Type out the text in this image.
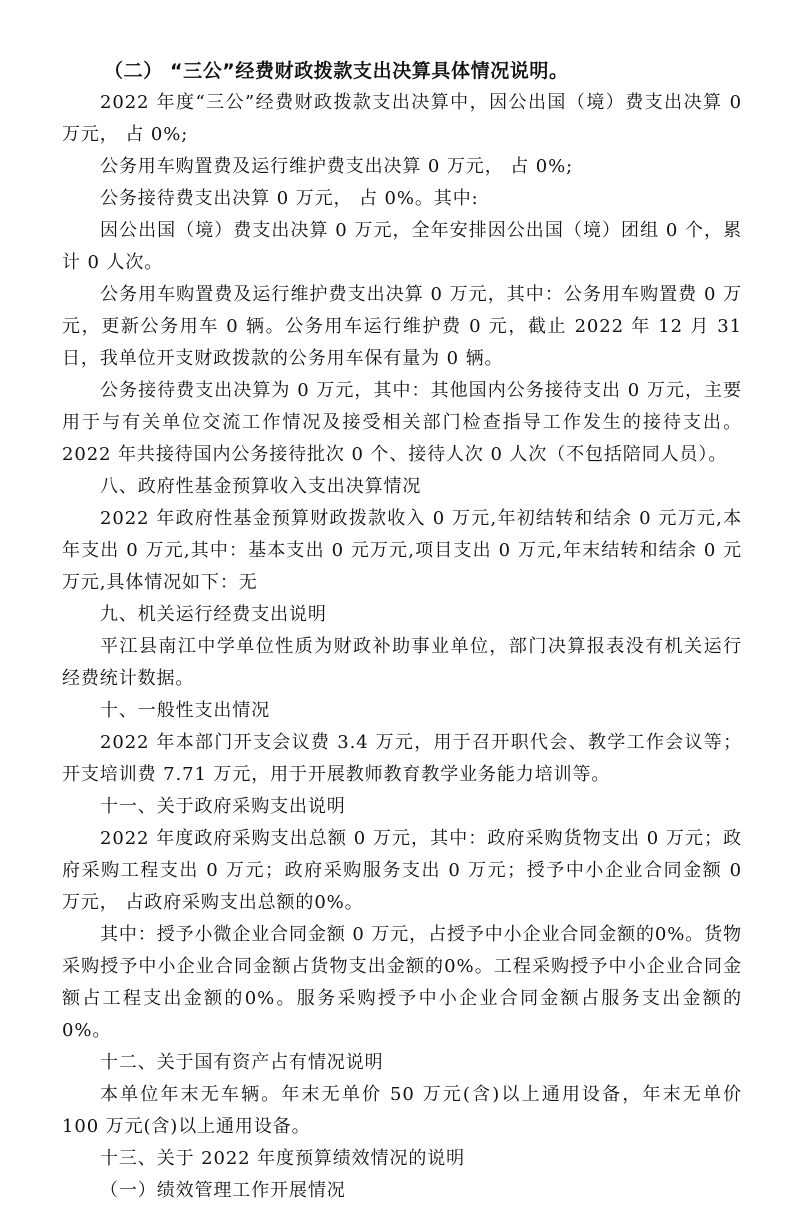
（二） “三公”经费财政拨款支出决算具体情况说明。

2022 年度“三公”经费财政拨款支出决算中，因公出国（境）费支出决算 0 万元， 占 0%;

公务用车购置费及运行维护费支出决算 0 万元， 占 0%;

公务接待费支出决算 0 万元， 占 0%。其中:

因公出国（境）费支出决算 0 万元，全年安排因公出国（境）团组 0 个，累计 0 人次。

公务用车购置费及运行维护费支出决算 0 万元，其中：公务用车购置费 0 万元，更新公务用车 0 辆。公务用车运行维护费 0 元，截止 2022 年 12 月 31 日，我单位开支财政拨款的公务用车保有量为 0 辆。

公务接待费支出决算为 0 万元，其中：其他国内公务接待支出 0 万元，主要用于与有关单位交流工作情况及接受相关部门检查指导工作发生的接待支出。2022 年共接待国内公务接待批次 0 个、接待人次 0 人次（不包括陪同人员）。

八、政府性基金预算收入支出决算情况

2022 年政府性基金预算财政拨款收入 0 万元,年初结转和结余 0 元万元,本年支出 0 万元,其中：基本支出 0 元万元,项目支出 0 万元,年末结转和结余 0 元万元,具体情况如下：无

九、机关运行经费支出说明

平江县南江中学单位性质为财政补助事业单位，部门决算报表没有机关运行经费统计数据。

十、一般性支出情况

2022 年本部门开支会议费 3.4 万元，用于召开职代会、教学工作会议等；开支培训费 7.71 万元，用于开展教师教育教学业务能力培训等。

十一、关于政府采购支出说明

2022 年度政府采购支出总额 0 万元，其中：政府采购货物支出 0 万元；政府采购工程支出 0 万元；政府采购服务支出 0 万元；授予中小企业合同金额 0 万元， 占政府采购支出总额的0%。

其中：授予小微企业合同金额 0 万元，占授予中小企业合同金额的0%。货物采购授予中小企业合同金额占货物支出金额的0%。工程采购授予中小企业合同金额占工程支出金额的0%。服务采购授予中小企业合同金额占服务支出金额的0%。

十二、关于国有资产占有情况说明

本单位年末无车辆。年末无单价 50 万元(含)以上通用设备，年末无单价 100 万元(含)以上通用设备。

十三、关于 2022 年度预算绩效情况的说明

（一）绩效管理工作开展情况
